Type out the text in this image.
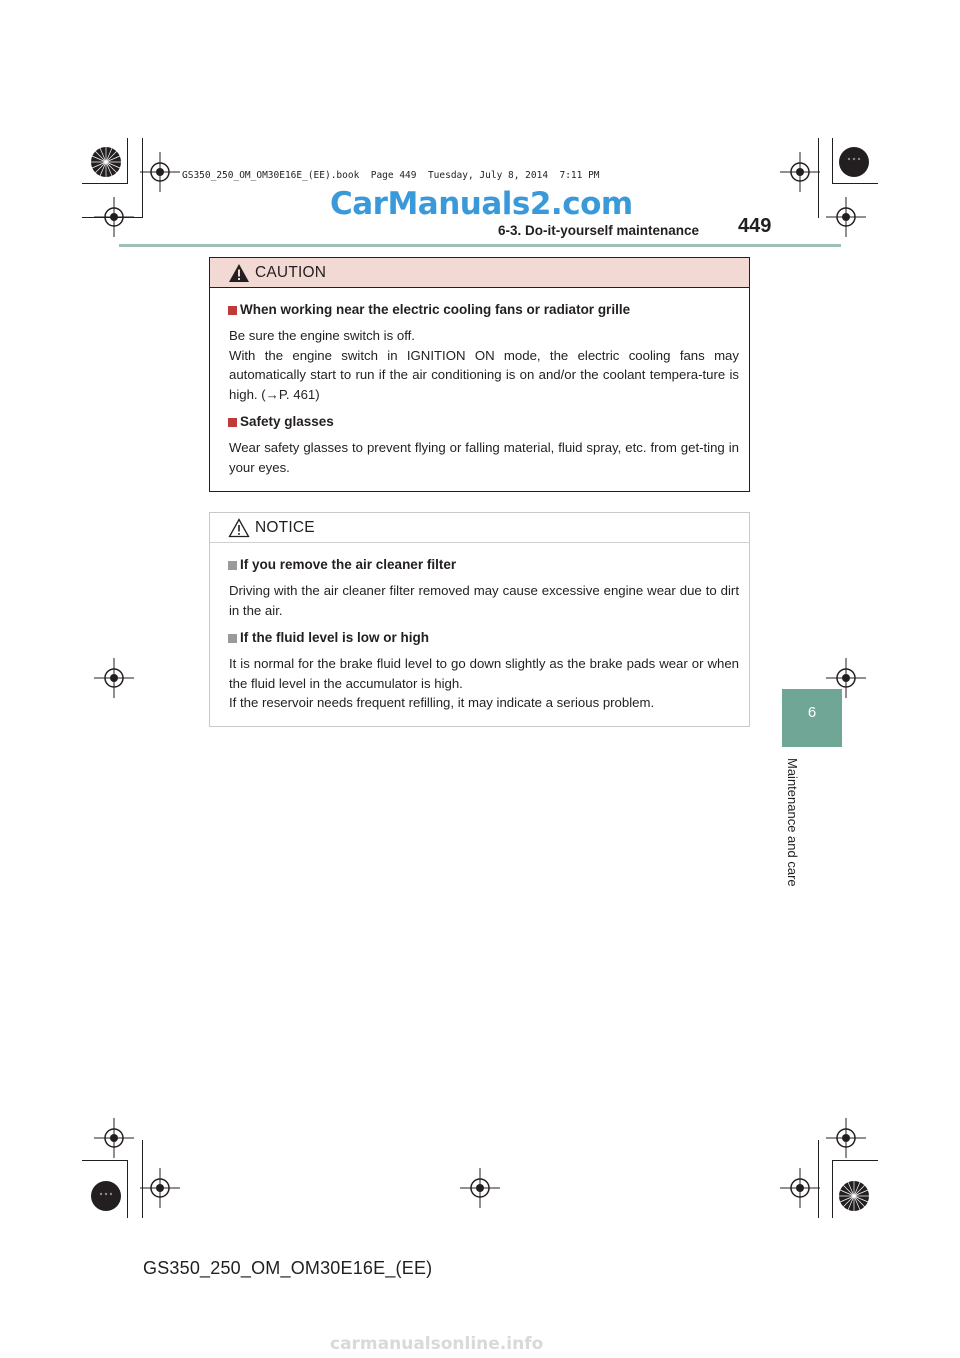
GS350_250_OM_OM30E16E_(EE).book  Page 449  Tuesday, July 8, 2014  7:11 PM
CarManuals2.com
6-3. Do-it-yourself maintenance 449
6
Maintenance and care
CAUTION
When working near the electric cooling fans or radiator grille

Be sure the engine switch is off.

With the engine switch in IGNITION ON mode, the electric cooling fans may automatically start to run if the air conditioning is on and/or the coolant tempera-ture is high. (→P. 461)

Safety glasses

Wear safety glasses to prevent flying or falling material, fluid spray, etc. from get-ting in your eyes.

NOTICE
If you remove the air cleaner filter

Driving with the air cleaner filter removed may cause excessive engine wear due to dirt in the air.

If the fluid level is low or high

It is normal for the brake fluid level to go down slightly as the brake pads wear or when the fluid level in the accumulator is high.

If the reservoir needs frequent refilling, it may indicate a serious problem.

GS350_250_OM_OM30E16E_(EE)
carmanualsonline.info
